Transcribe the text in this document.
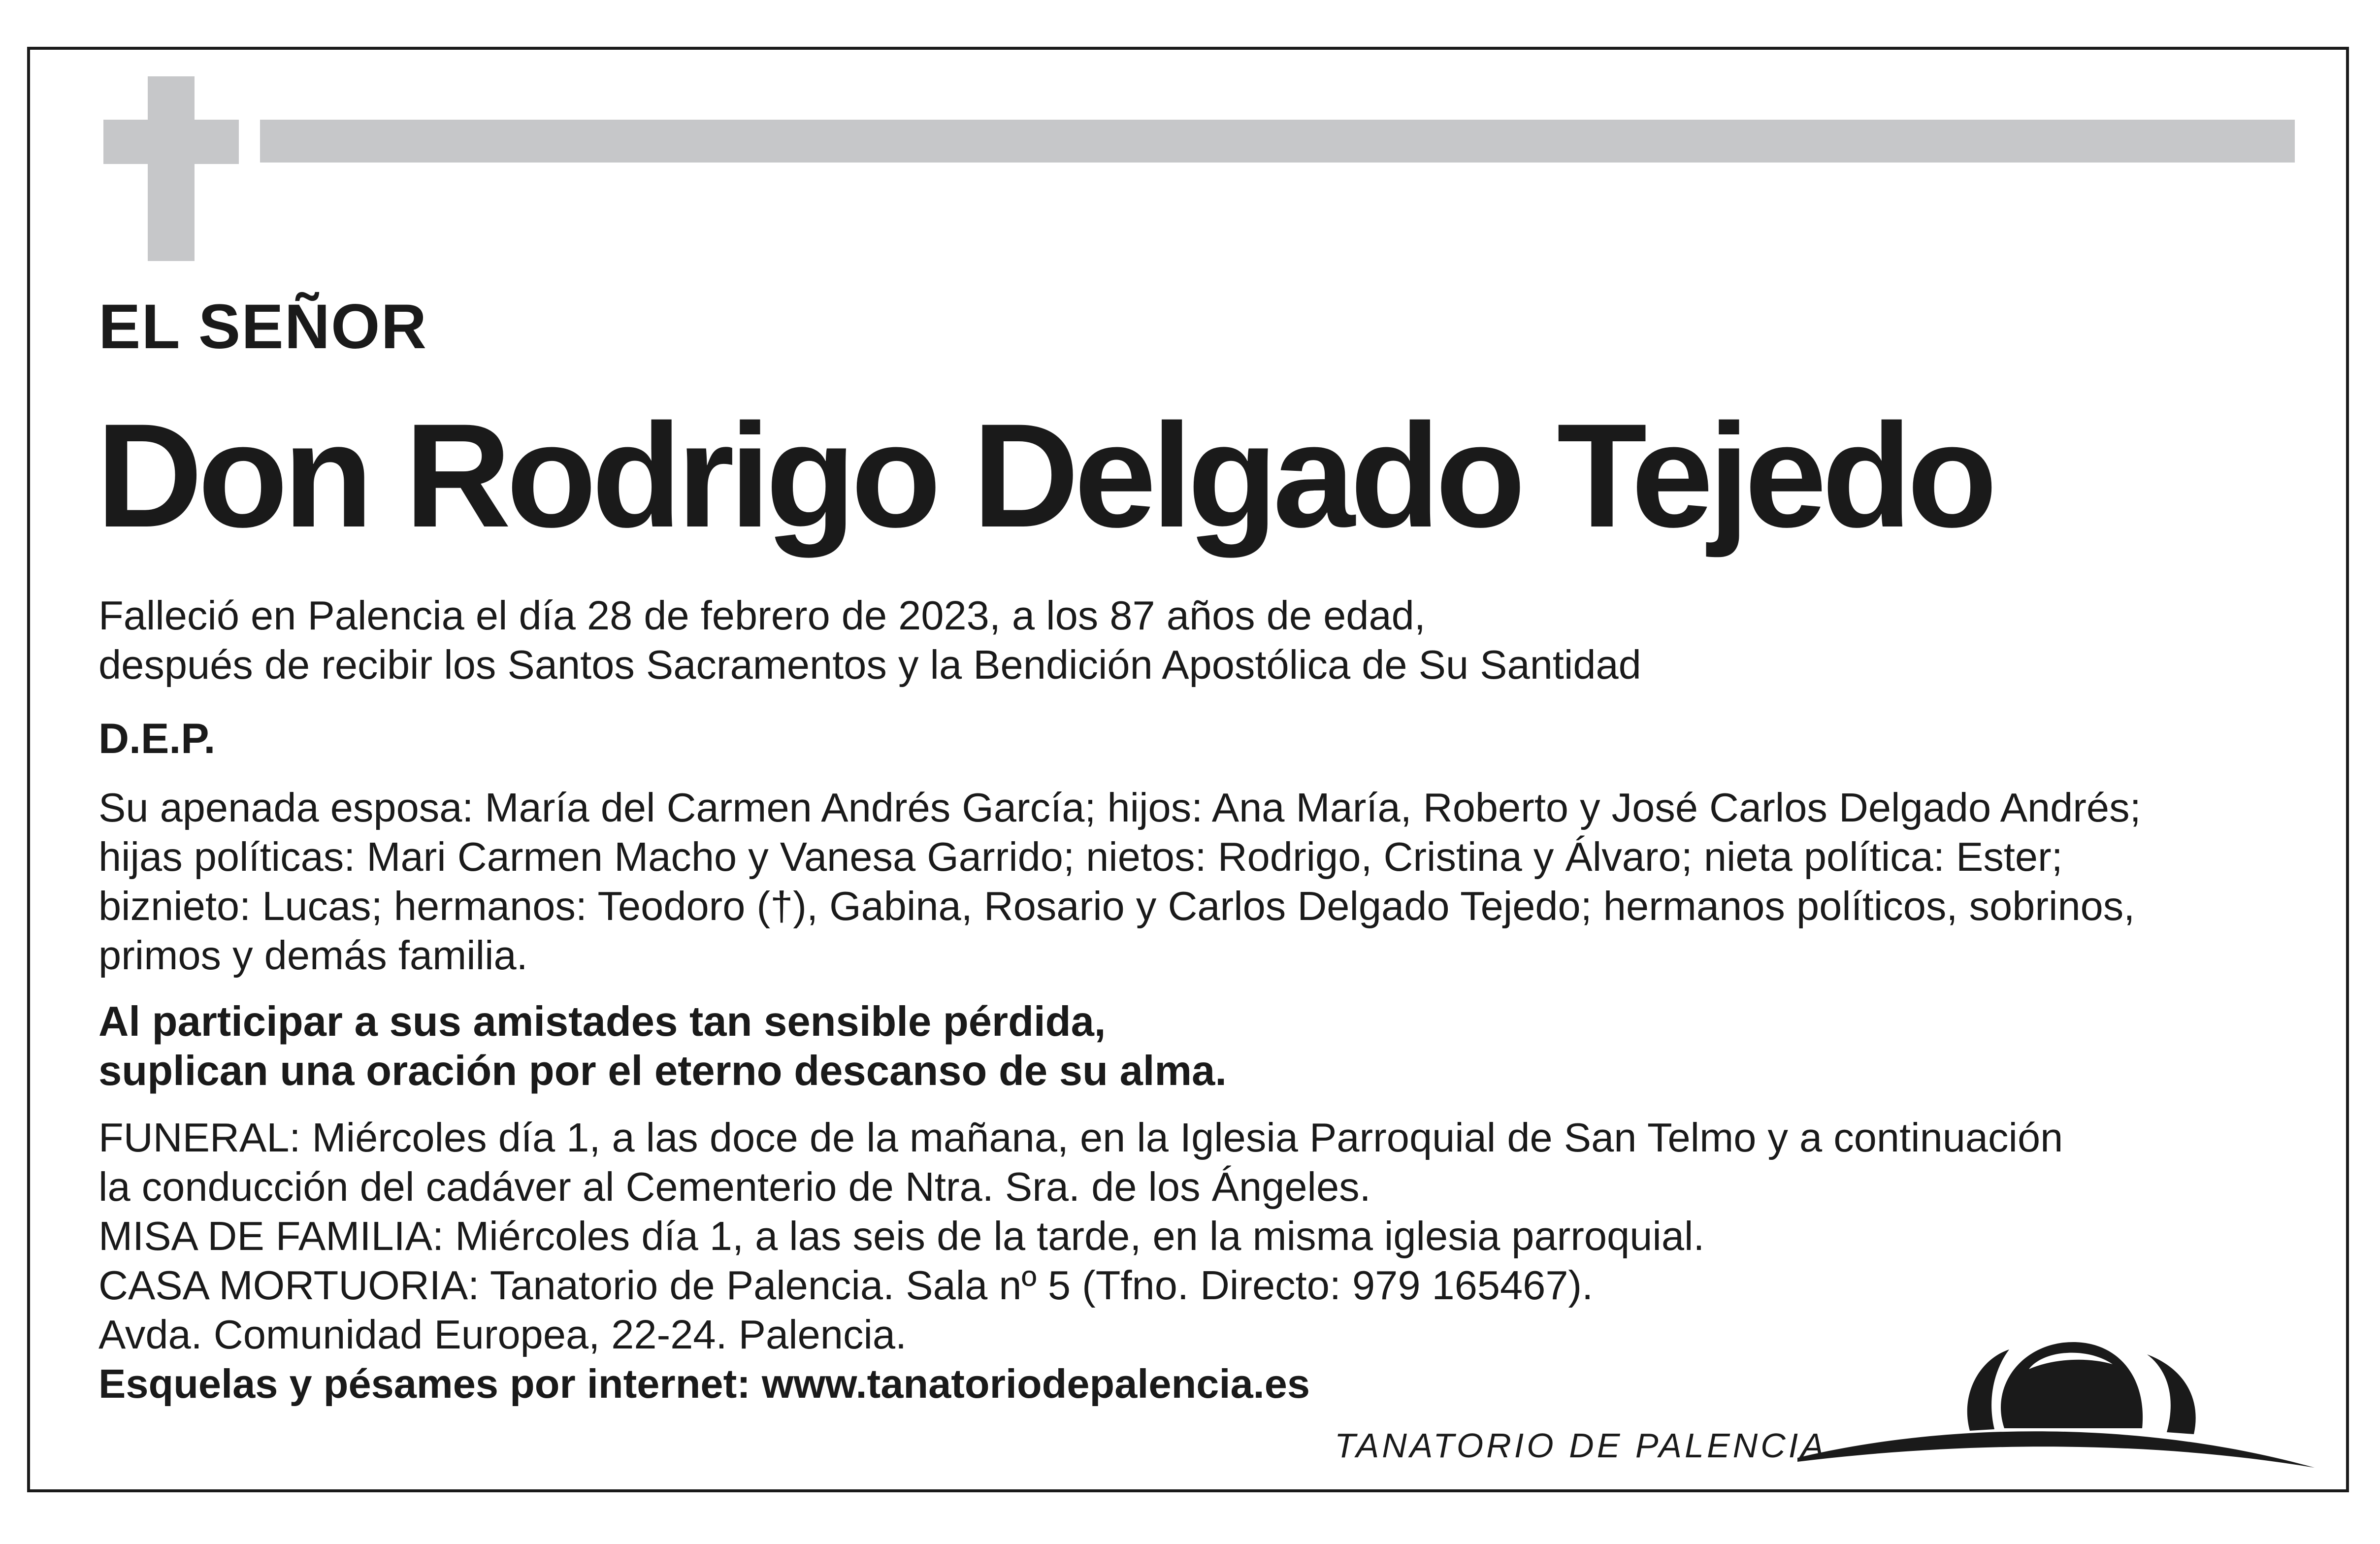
EL SEÑOR
Don Rodrigo Delgado Tejedo
Falleció en Palencia el día 28 de febrero de 2023, a los 87 años de edad,
después de recibir los Santos Sacramentos y la Bendición Apostólica de Su Santidad
D.E.P.
Su apenada esposa: María del Carmen Andrés García; hijos: Ana María, Roberto y José Carlos Delgado Andrés;
hijas políticas: Mari Carmen Macho y Vanesa Garrido; nietos: Rodrigo, Cristina y Álvaro; nieta política: Ester;
biznieto: Lucas; hermanos: Teodoro (†), Gabina, Rosario y Carlos Delgado Tejedo; hermanos políticos, sobrinos,
primos y demás familia.
Al participar a sus amistades tan sensible pérdida,
suplican una oración por el eterno descanso de su alma.
FUNERAL: Miércoles día 1, a las doce de la mañana, en la Iglesia Parroquial de San Telmo y a continuación
la conducción del cadáver al Cementerio de Ntra. Sra. de los Ángeles.
MISA DE FAMILIA: Miércoles día 1, a las seis de la tarde, en la misma iglesia parroquial.
CASA MORTUORIA: Tanatorio de Palencia. Sala nº 5 (Tfno. Directo: 979 165467).
Avda. Comunidad Europea, 22-24. Palencia.
Esquelas y pésames por internet: www.tanatoriodepalencia.es
TANATORIO DE PALENCIA
